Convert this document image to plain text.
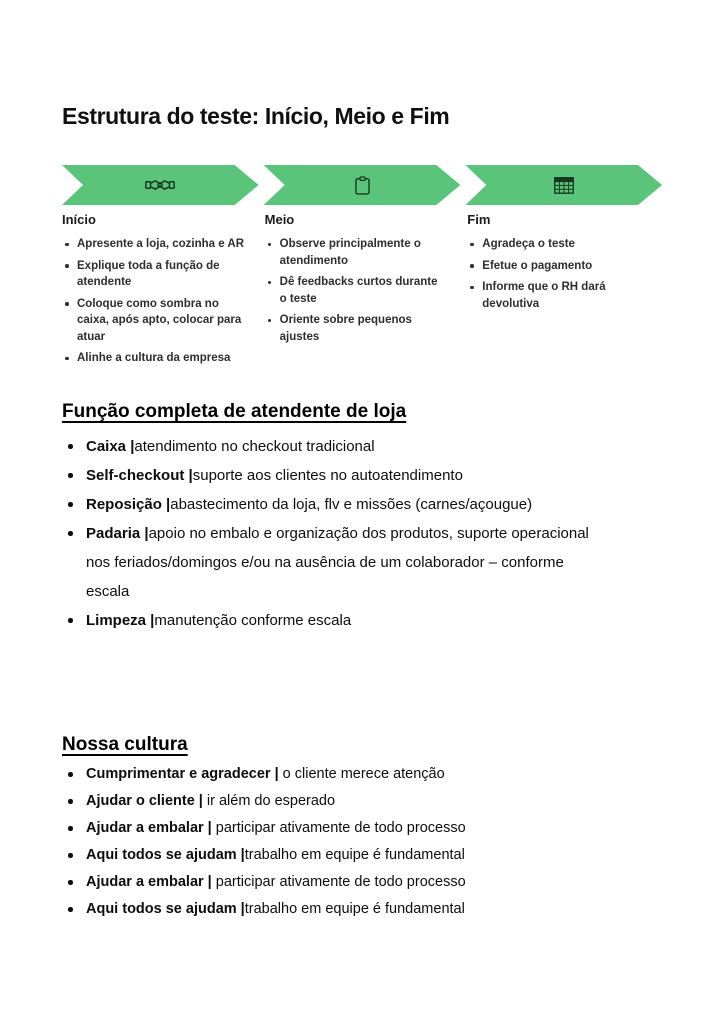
Estrutura do teste: Início, Meio e Fim
Início
Apresente a loja, cozinha e AR
Explique toda a função de atendente
Coloque como sombra no caixa, após apto, colocar para atuar
Alinhe a cultura da empresa
Meio
Observe principalmente o atendimento
Dê feedbacks curtos durante o teste
Oriente sobre pequenos ajustes
Fim
Agradeça o teste
Efetue o pagamento
Informe que o RH dará devolutiva
Função completa de atendente de loja
Caixa |atendimento no checkout tradicional
Self-checkout |suporte aos clientes no autoatendimento
Reposição |abastecimento da loja, flv e missões (carnes/açougue)
Padaria |apoio no embalo e organização dos produtos, suporte operacional nos feriados/domingos e/ou na ausência de um colaborador – conforme escala
Limpeza |manutenção conforme escala
Nossa cultura
Cumprimentar e agradecer | o cliente merece atenção
Ajudar o cliente | ir além do esperado
Ajudar a embalar | participar ativamente de todo processo
Aqui todos se ajudam |trabalho em equipe é fundamental
Ajudar a embalar | participar ativamente de todo processo
Aqui todos se ajudam |trabalho em equipe é fundamental
